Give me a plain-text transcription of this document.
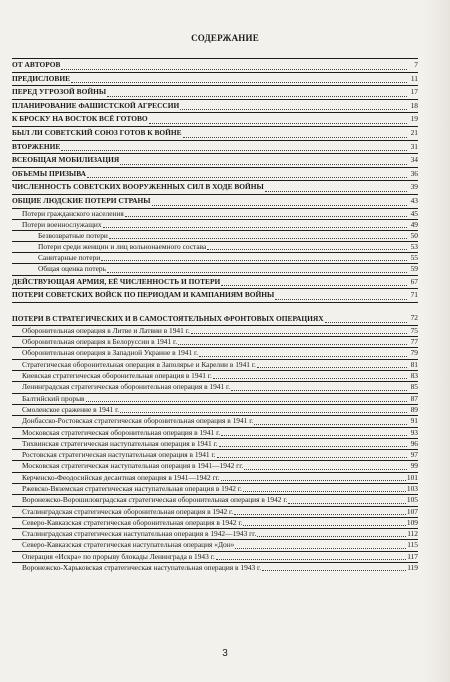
СОДЕРЖАНИЕ
ОТ АВТОРОВ	7
ПРЕДИСЛОВИЕ	11
ПЕРЕД УГРОЗОЙ ВОЙНЫ	17
ПЛАНИРОВАНИЕ ФАШИСТСКОЙ АГРЕССИИ	18
К БРОСКУ НА ВОСТОК ВСЁ ГОТОВО	19
БЫЛ ЛИ СОВЕТСКИЙ СОЮЗ ГОТОВ К ВОЙНЕ	21
ВТОРЖЕНИЕ	31
ВСЕОБЩАЯ МОБИЛИЗАЦИЯ	34
ОБЪЕМЫ ПРИЗЫВА	36
ЧИСЛЕННОСТЬ СОВЕТСКИХ ВООРУЖЕННЫХ СИЛ В ХОДЕ ВОЙНЫ	39
ОБЩИЕ ЛЮДСКИЕ ПОТЕРИ СТРАНЫ	43
Потери гражданского населения	45
Потери военнослужащих	49
Безвозвратные потери	50
Потери среди женщин и лиц вольнонаемного состава	53
Санитарные потери	55
Общая оценка потерь	59
ДЕЙСТВУЮЩАЯ АРМИЯ, ЕЁ ЧИСЛЕННОСТЬ И ПОТЕРИ	67
ПОТЕРИ СОВЕТСКИХ ВОЙСК ПО ПЕРИОДАМ И КАМПАНИЯМ ВОЙНЫ	71
ПОТЕРИ В СТРАТЕГИЧЕСКИХ И В САМОСТОЯТЕЛЬНЫХ ФРОНТОВЫХ ОПЕРАЦИЯХ	72
Оборонительная операция в Литве и Латвии в 1941 г.	75
Оборонительная операция в Белоруссии в 1941 г.	77
Оборонительная операция в Западной Украине в 1941 г.	79
Стратегическая оборонительная операция в Заполярье и Карелии в 1941 г.	81
Киевская стратегическая оборонительная операция в 1941 г.	83
Ленинградская стратегическая оборонительная операция в 1941 г.	85
Балтийский прорыв	87
Смоленское сражение в 1941 г.	89
Донбасско-Ростовская стратегическая оборонительная операция в 1941 г.	91
Московская стратегическая оборонительная операция в 1941 г.	93
Тихвинская стратегическая наступательная операция в 1941 г.	96
Ростовская стратегическая наступательная операция в 1941 г.	97
Московская стратегическая наступательная операция в 1941—1942 гг.	99
Керченско-Феодосийская десантная операция в 1941—1942 гг.	101
Ржевско-Вяземская стратегическая наступательная операция в 1942 г.	103
Воронежско-Ворошиловградская стратегическая оборонительная операция в 1942 г.	105
Сталинградская стратегическая оборонительная операция в 1942 г.	107
Северо-Кавказская стратегическая оборонительная операция в 1942 г.	109
Сталинградская стратегическая наступательная операция в 1942—1943 гг.	112
Северо-Кавказская стратегическая наступательная операция «Дон»	115
Операция «Искра» по прорыву блокады Ленинграда в 1943 г.	117
Воронежско-Харьковская стратегическая наступательная операция в 1943 г.	119
3
